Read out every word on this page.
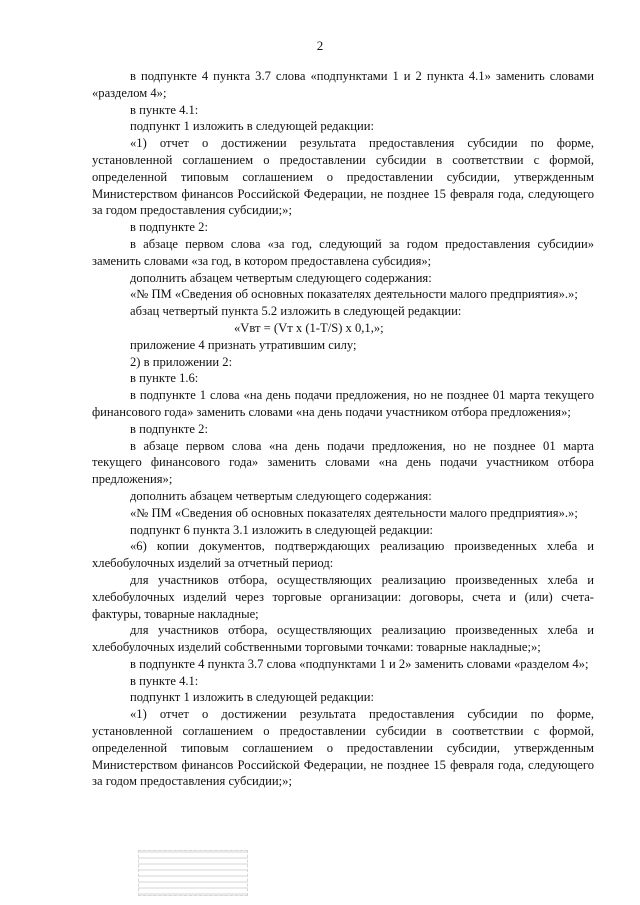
2

в подпункте 4 пункта 3.7 слова «подпунктами 1 и 2 пункта 4.1» заменить словами «разделом 4»;

в пункте 4.1:

подпункт 1 изложить в следующей редакции:

«1) отчет о достижении результата предоставления субсидии по форме, установленной соглашением о предоставлении субсидии в соответствии с формой, определенной типовым соглашением о предоставлении субсидии, утвержденным Министерством финансов Российской Федерации, не позднее 15 февраля года, следующего за годом предоставления субсидии;»;

в подпункте 2:

в абзаце первом слова «за год, следующий за годом предоставления субсидии» заменить словами «за год, в котором предоставлена субсидия»;

дополнить абзацем четвертым следующего содержания:

«№ ПМ «Сведения об основных показателях деятельности малого предприятия».»;

абзац четвертый пункта 5.2 изложить в следующей редакции:

«Vвт = (Vт х (1-T/S) х 0,1,»;

приложение 4 признать утратившим силу;

2) в приложении 2:

в пункте 1.6:

в подпункте 1 слова «на день подачи предложения, но не позднее 01 марта текущего финансового года» заменить словами «на день подачи участником отбора предложения»;

в подпункте 2:

в абзаце первом слова «на день подачи предложения, но не позднее 01 марта текущего финансового года» заменить словами «на день подачи участником отбора предложения»;

дополнить абзацем четвертым следующего содержания:

«№ ПМ «Сведения об основных показателях деятельности малого предприятия».»;

подпункт 6 пункта 3.1 изложить в следующей редакции:

«6) копии документов, подтверждающих реализацию произведенных хлеба и хлебобулочных изделий за отчетный период:

для участников отбора, осуществляющих реализацию произведенных хлеба и хлебобулочных изделий через торговые организации: договоры, счета и (или) счета-фактуры, товарные накладные;

для участников отбора, осуществляющих реализацию произведенных хлеба и хлебобулочных изделий собственными торговыми точками: товарные накладные;»;

в подпункте 4 пункта 3.7 слова «подпунктами 1 и 2» заменить словами «разделом 4»;

в пункте 4.1:

подпункт 1 изложить в следующей редакции:

«1) отчет о достижении результата предоставления субсидии по форме, установленной соглашением о предоставлении субсидии в соответствии с формой, определенной типовым соглашением о предоставлении субсидии, утвержденным Министерством финансов Российской Федерации, не позднее 15 февраля года, следующего за годом предоставления субсидии;»;
